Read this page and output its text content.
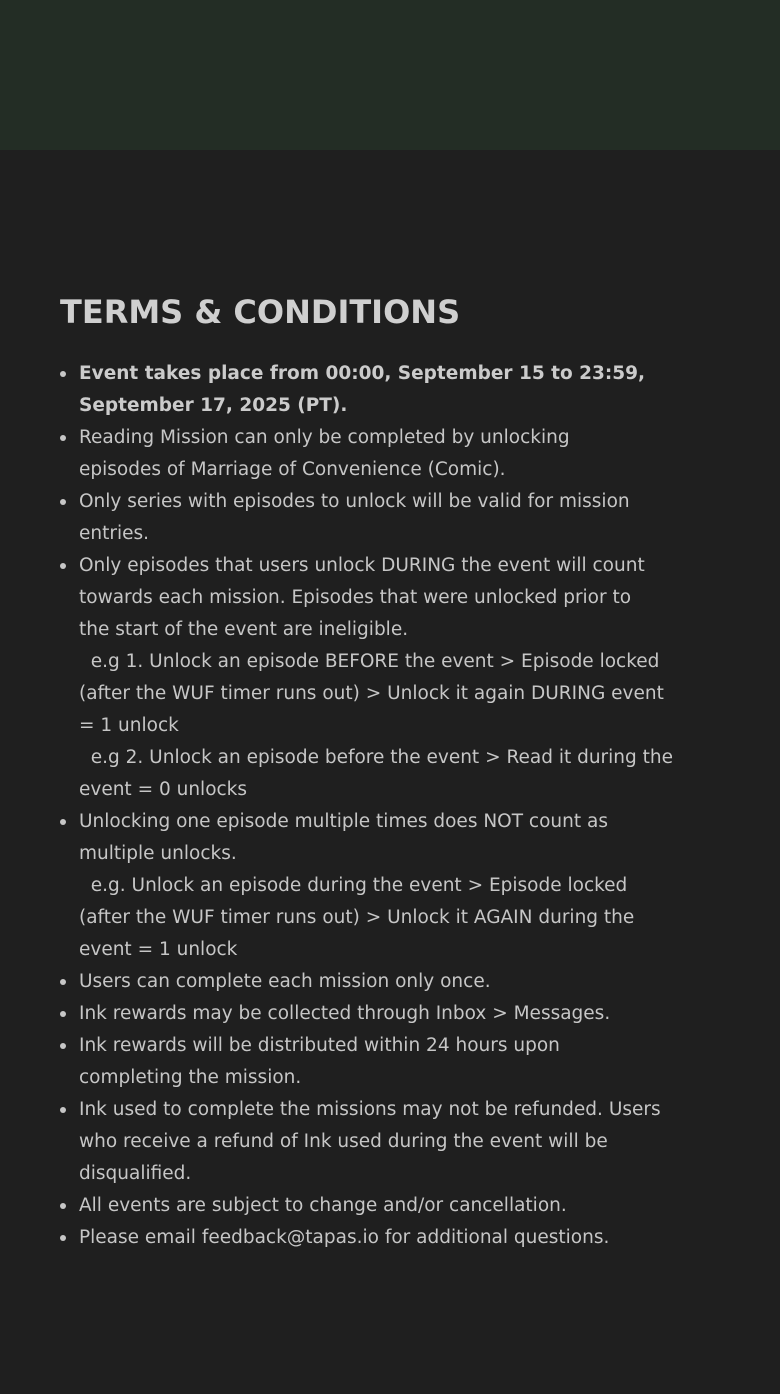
TERMS & CONDITIONS
Event takes place from 00:00, September 15 to 23:59,
September 17, 2025 (PT).
Reading Mission can only be completed by unlocking
episodes of Marriage of Convenience (Comic).
Only series with episodes to unlock will be valid for mission
entries.
Only episodes that users unlock DURING the event will count
towards each mission. Episodes that were unlocked prior to
the start of the event are ineligible.
e.g 1. Unlock an episode BEFORE the event > Episode locked
(after the WUF timer runs out) > Unlock it again DURING event
= 1 unlock
e.g 2. Unlock an episode before the event > Read it during the
event = 0 unlocks
Unlocking one episode multiple times does NOT count as
multiple unlocks.
e.g. Unlock an episode during the event > Episode locked
(after the WUF timer runs out) > Unlock it AGAIN during the
event = 1 unlock
Users can complete each mission only once.
Ink rewards may be collected through Inbox > Messages.
Ink rewards will be distributed within 24 hours upon
completing the mission.
Ink used to complete the missions may not be refunded. Users
who receive a refund of Ink used during the event will be
disqualified.
All events are subject to change and/or cancellation.
Please email feedback@tapas.io for additional questions.
